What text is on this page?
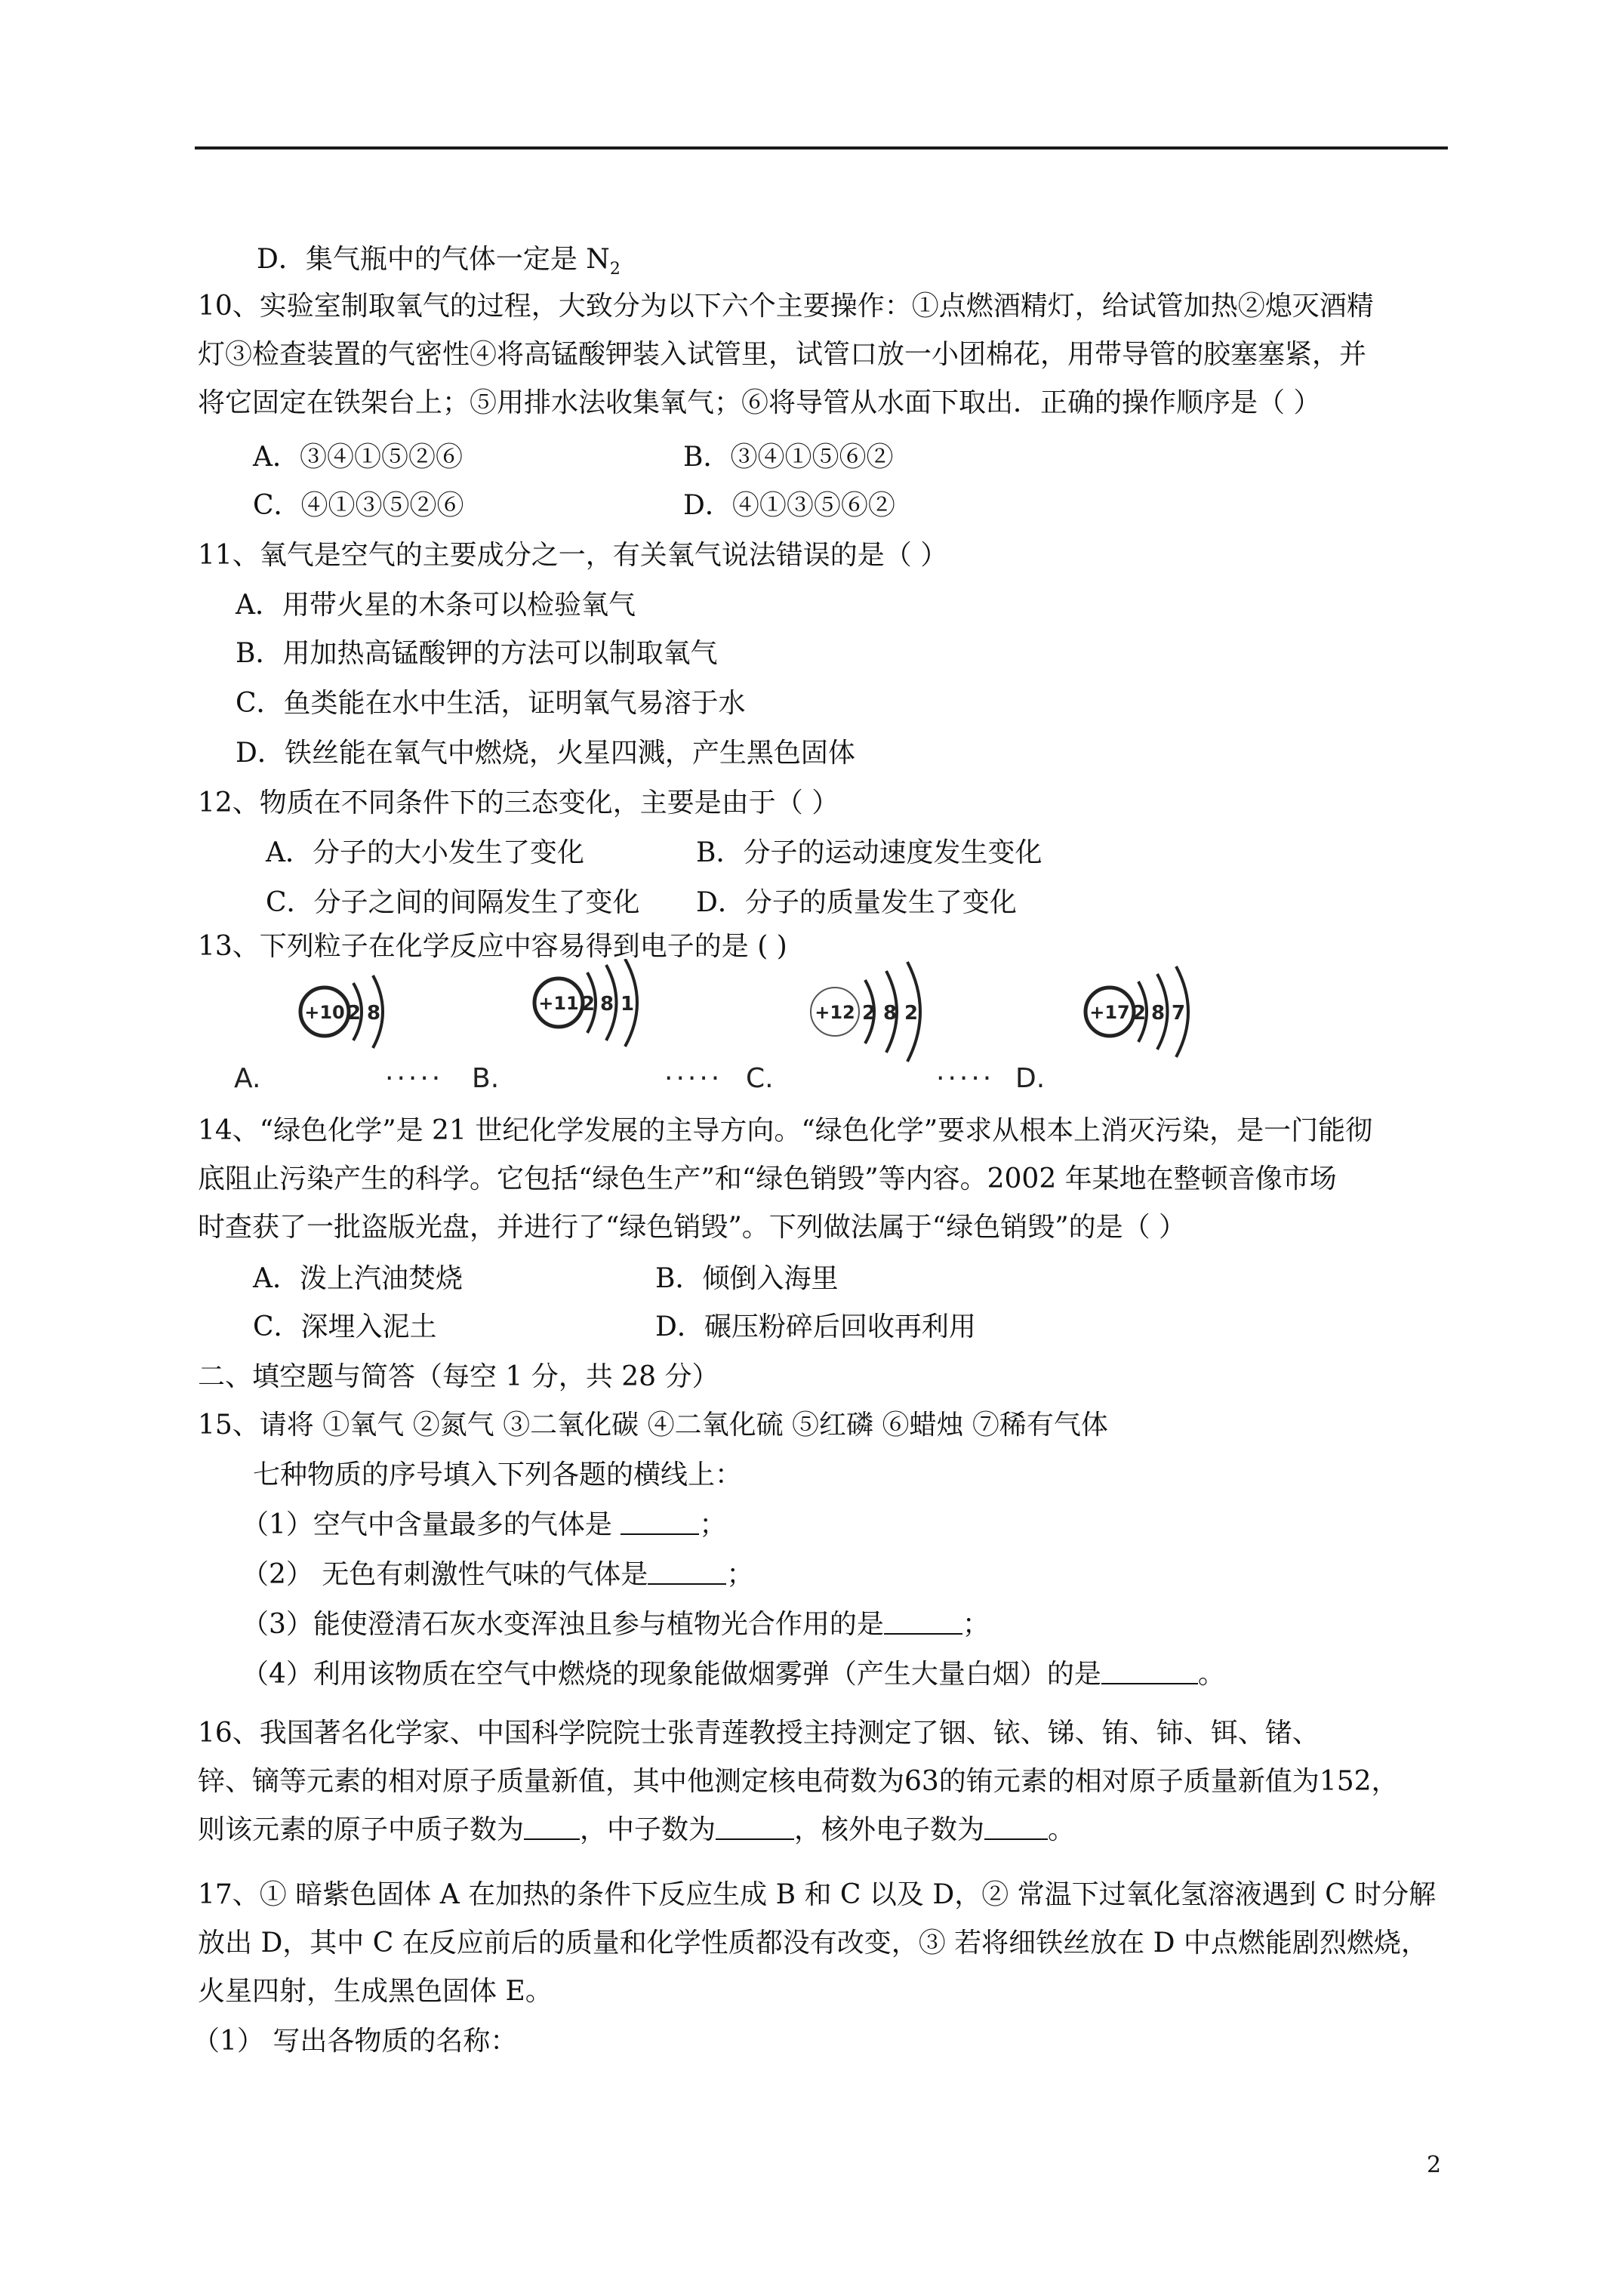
D．集气瓶中的气体一定是 $N_2$
10、实验室制取氧气的过程，大致分为以下六个主要操作：①点燃酒精灯，给试管加热②熄灭酒精
灯③检查装置的气密性④将高锰酸钾装入试管里，试管口放一小团棉花，用带导管的胶塞塞紧，并
将它固定在铁架台上；⑤用排水法收集氧气；⑥将导管从水面下取出．正确的操作顺序是（ ）
A．③④①⑤②⑥	B．③④①⑤⑥②
C．④①③⑤②⑥	D．④①③⑤⑥②
11、氧气是空气的主要成分之一，有关氧气说法错误的是（ ）
A．用带火星的木条可以检验氧气
B．用加热高锰酸钾的方法可以制取氧气
C．鱼类能在水中生活，证明氧气易溶于水
D．铁丝能在氧气中燃烧，火星四溅，产生黑色固体
12、物质在不同条件下的三态变化，主要是由于（ ）
A．分子的大小发生了变化	B．分子的运动速度发生变化
C．分子之间的间隔发生了变化 D．分子的质量发生了变化
13、下列粒子在化学反应中容易得到电子的是 ( )
+10 2 8
A.
+11 2 8 1
····· B.
+12 2 8 2
····· C.
+17 2 8 7
····· D.
14、“绿色化学”是 21 世纪化学发展的主导方向。“绿色化学”要求从根本上消灭污染，是一门能彻
底阻止污染产生的科学。它包括“绿色生产”和“绿色销毁”等内容。2002 年某地在整顿音像市场
时查获了一批盗版光盘，并进行了“绿色销毁”。下列做法属于“绿色销毁”的是（ ）
A．泼上汽油焚烧	B．倾倒入海里
C．深埋入泥土	D．碾压粉碎后回收再利用
二、填空题与简答（每空 1 分，共 28 分）
15、请将 ①氧气 ②氮气 ③二氧化碳 ④二氧化硫 ⑤红磷 ⑥蜡烛 ⑦稀有气体
七种物质的序号填入下列各题的横线上：
（1）空气中含量最多的气体是	；
（2） 无色有刺激性气味的气体是	；
（3）能使澄清石灰水变浑浊且参与植物光合作用的是	；
（4）利用该物质在空气中燃烧的现象能做烟雾弹（产生大量白烟）的是	。
16、我国著名化学家、中国科学院院士张青莲教授主持测定了铟、铱、锑、铕、铈、铒、锗、
锌、镝等元素的相对原子质量新值，其中他测定核电荷数为63的铕元素的相对原子质量新值为152，
则该元素的原子中质子数为 ，中子数为	，核外电子数为 。
17、① 暗紫色固体 A 在加热的条件下反应生成 B 和 C 以及 D，② 常温下过氧化氢溶液遇到 C 时分解
放出 D，其中 C 在反应前后的质量和化学性质都没有改变，③ 若将细铁丝放在 D 中点燃能剧烈燃烧，
火星四射，生成黑色固体 E。
（1） 写出各物质的名称：
2
